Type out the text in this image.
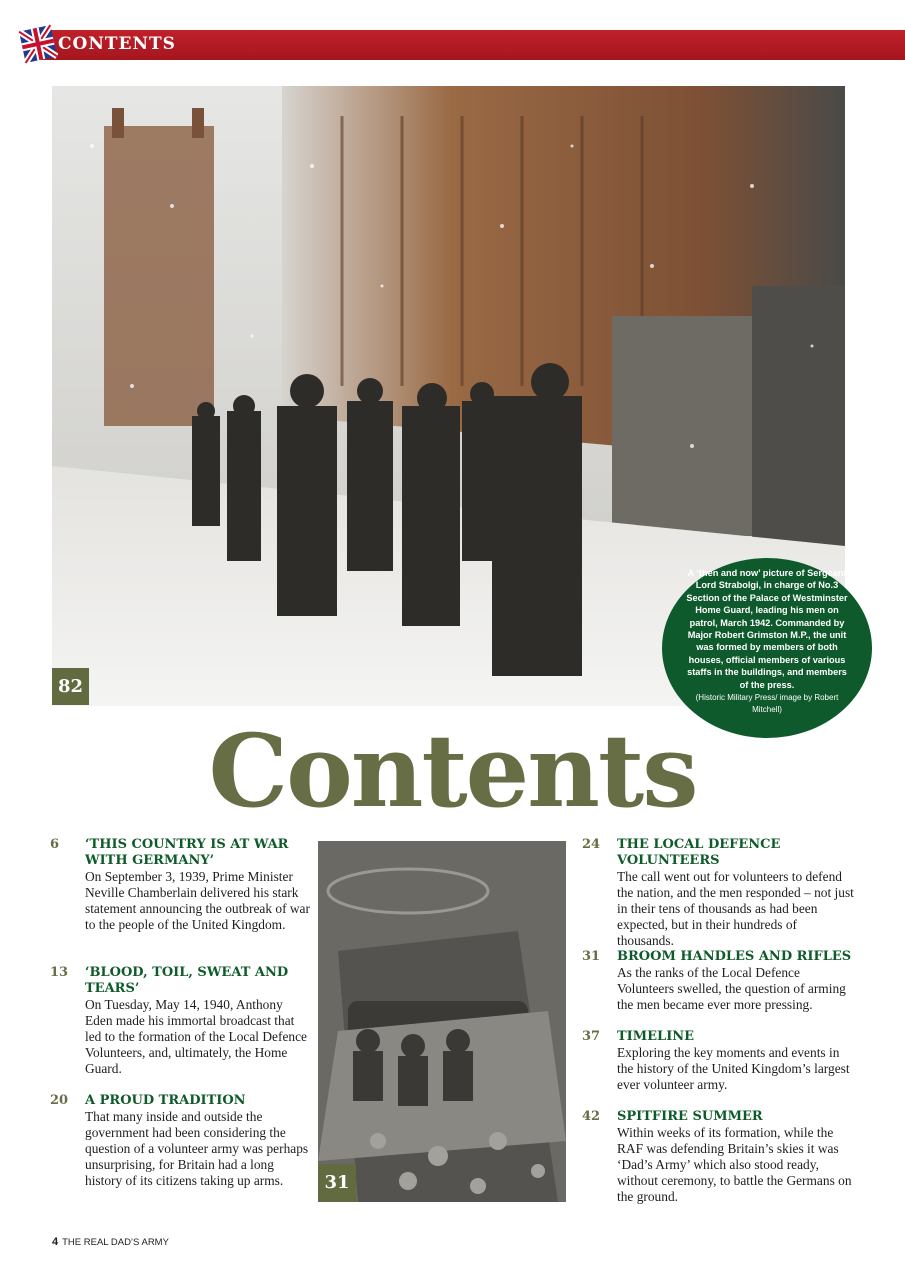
CONTENTS
82
A ‘then and now’ picture of Sergeant Lord Strabolgi, in charge of No.3 Section of the Palace of Westminster Home Guard, leading his men on patrol, March 1942. Commanded by Major Robert Grimston M.P., the unit was formed by members of both houses, official members of various staffs in the buildings, and members of the press.
(Historic Military Press/ image by Robert Mitchell)
Contents
6 ‘THIS COUNTRY IS AT WAR WITH GERMANY’
On September 3, 1939, Prime Minister Neville Chamberlain delivered his stark statement announcing the outbreak of war to the people of the United Kingdom.
13 ‘BLOOD, TOIL, SWEAT AND TEARS’
On Tuesday, May 14, 1940, Anthony Eden made his immortal broadcast that led to the formation of the Local Defence Volunteers, and, ultimately, the Home Guard.
20 A PROUD TRADITION
That many inside and outside the government had been considering the question of a volunteer army was perhaps unsurprising, for Britain had a long history of its citizens taking up arms.	31
24 THE LOCAL DEFENCE VOLUNTEERS
The call went out for volunteers to defend the nation, and the men responded – not just in their tens of thousands as had been expected, but in their hundreds of thousands.
31 BROOM HANDLES AND RIFLES
As the ranks of the Local Defence Volunteers swelled, the question of arming the men became ever more pressing.
37 TIMELINE
Exploring the key moments and events in the history of the United Kingdom’s largest ever volunteer army.
42 SPITFIRE SUMMER
Within weeks of its formation, while the RAF was defending Britain’s skies it was ‘Dad’s Army’ which also stood ready, without ceremony, to battle the Germans on the ground.
4 THE REAL DAD’S ARMY
